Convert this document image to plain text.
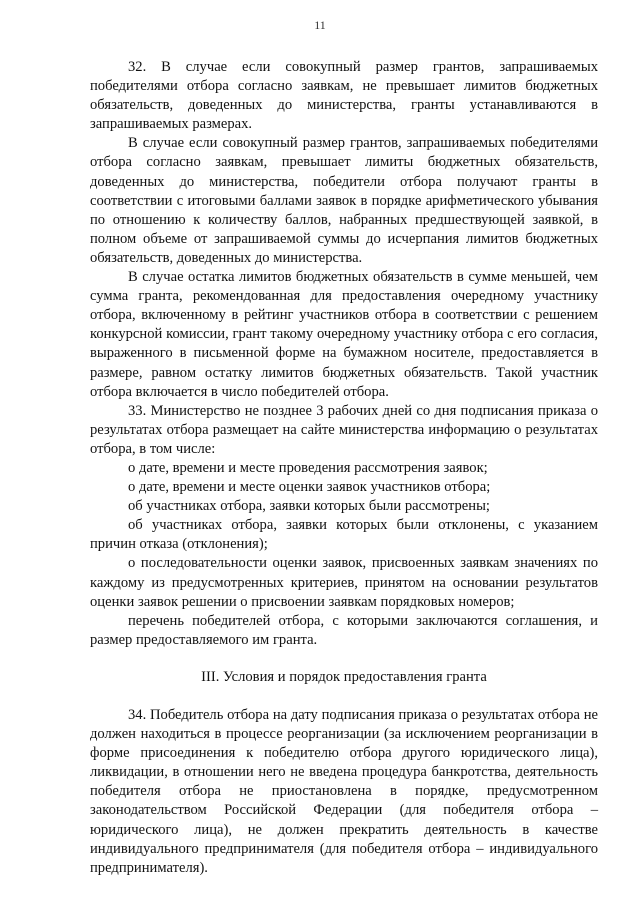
11

32. В случае если совокупный размер грантов, запрашиваемых победителями отбора согласно заявкам, не превышает лимитов бюджетных обязательств, доведенных до министерства, гранты устанавливаются в запрашиваемых размерах.

В случае если совокупный размер грантов, запрашиваемых победителями отбора согласно заявкам, превышает лимиты бюджетных обязательств, доведенных до министерства, победители отбора получают гранты в соответствии с итоговыми баллами заявок в порядке арифметического убывания по отношению к количеству баллов, набранных предшествующей заявкой, в полном объеме от запрашиваемой суммы до исчерпания лимитов бюджетных обязательств, доведенных до министерства.

В случае остатка лимитов бюджетных обязательств в сумме меньшей, чем сумма гранта, рекомендованная для предоставления очередному участнику отбора, включенному в рейтинг участников отбора в соответствии с решением конкурсной комиссии, грант такому очередному участнику отбора с его согласия, выраженного в письменной форме на бумажном носителе, предоставляется в размере, равном остатку лимитов бюджетных обязательств. Такой участник отбора включается в число победителей отбора.

33. Министерство не позднее 3 рабочих дней со дня подписания приказа о результатах отбора размещает на сайте министерства информацию о результатах отбора, в том числе:

о дате, времени и месте проведения рассмотрения заявок;

о дате, времени и месте оценки заявок участников отбора;

об участниках отбора, заявки которых были рассмотрены;

об участниках отбора, заявки которых были отклонены, с указанием причин отказа (отклонения);

о последовательности оценки заявок, присвоенных заявкам значениях по каждому из предусмотренных критериев, принятом на основании результатов оценки заявок решении о присвоении заявкам порядковых номеров;

перечень победителей отбора, с которыми заключаются соглашения, и размер предоставляемого им гранта.

III. Условия и порядок предоставления гранта

34. Победитель отбора на дату подписания приказа о результатах отбора не должен находиться в процессе реорганизации (за исключением реорганизации в форме присоединения к победителю отбора другого юридического лица), ликвидации, в отношении него не введена процедура банкротства, деятельность победителя отбора не приостановлена в порядке, предусмотренном законодательством Российской Федерации (для победителя отбора – юридического лица), не должен прекратить деятельность в качестве индивидуального предпринимателя (для победителя отбора – индивидуального предпринимателя).
